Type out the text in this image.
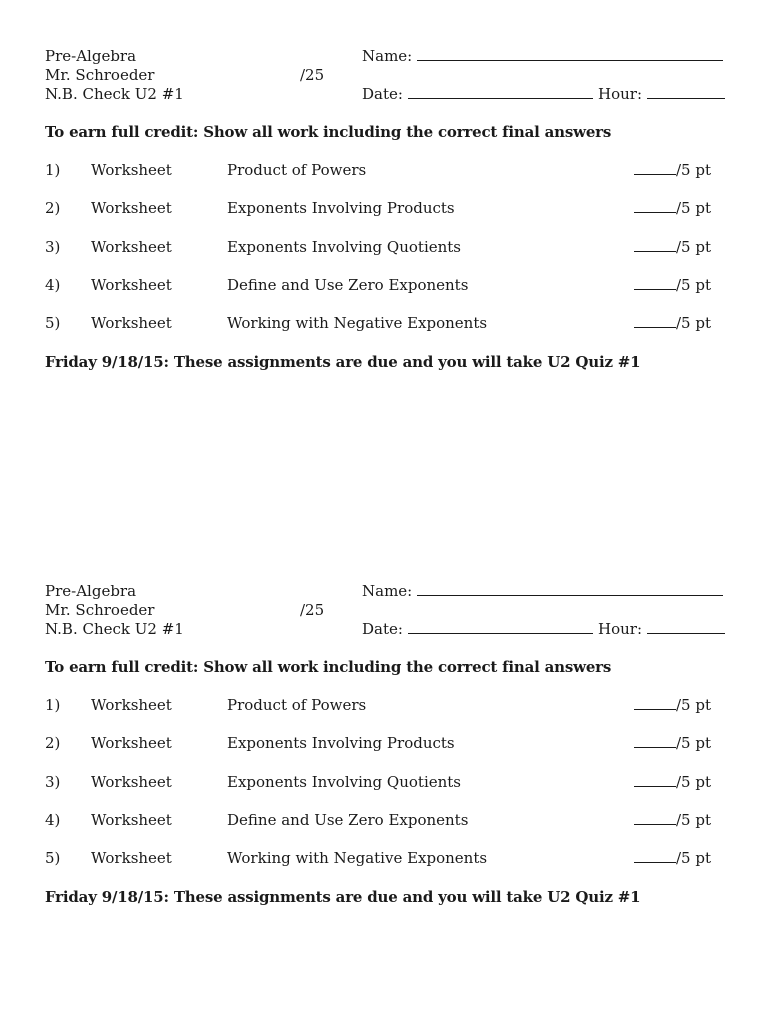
Pre-Algebra
Mr. Schroeder
N.B. Check U2 #1
/25
Name:
Date:	Hour:
To earn full credit: Show all work including the correct final answers
1) Worksheet	Product of Powers	/5 pt
2) Worksheet	Exponents Involving Products	/5 pt
3) Worksheet	Exponents Involving Quotients	/5 pt
4) Worksheet	Define and Use Zero Exponents	/5 pt
5) Worksheet	Working with Negative Exponents	/5 pt
Friday 9/18/15: These assignments are due and you will take U2 Quiz #1
Pre-Algebra
Mr. Schroeder
N.B. Check U2 #1
/25
Name:
Date:	Hour:
To earn full credit: Show all work including the correct final answers
1) Worksheet	Product of Powers	/5 pt
2) Worksheet	Exponents Involving Products	/5 pt
3) Worksheet	Exponents Involving Quotients	/5 pt
4) Worksheet	Define and Use Zero Exponents	/5 pt
5) Worksheet	Working with Negative Exponents	/5 pt
Friday 9/18/15: These assignments are due and you will take U2 Quiz #1
